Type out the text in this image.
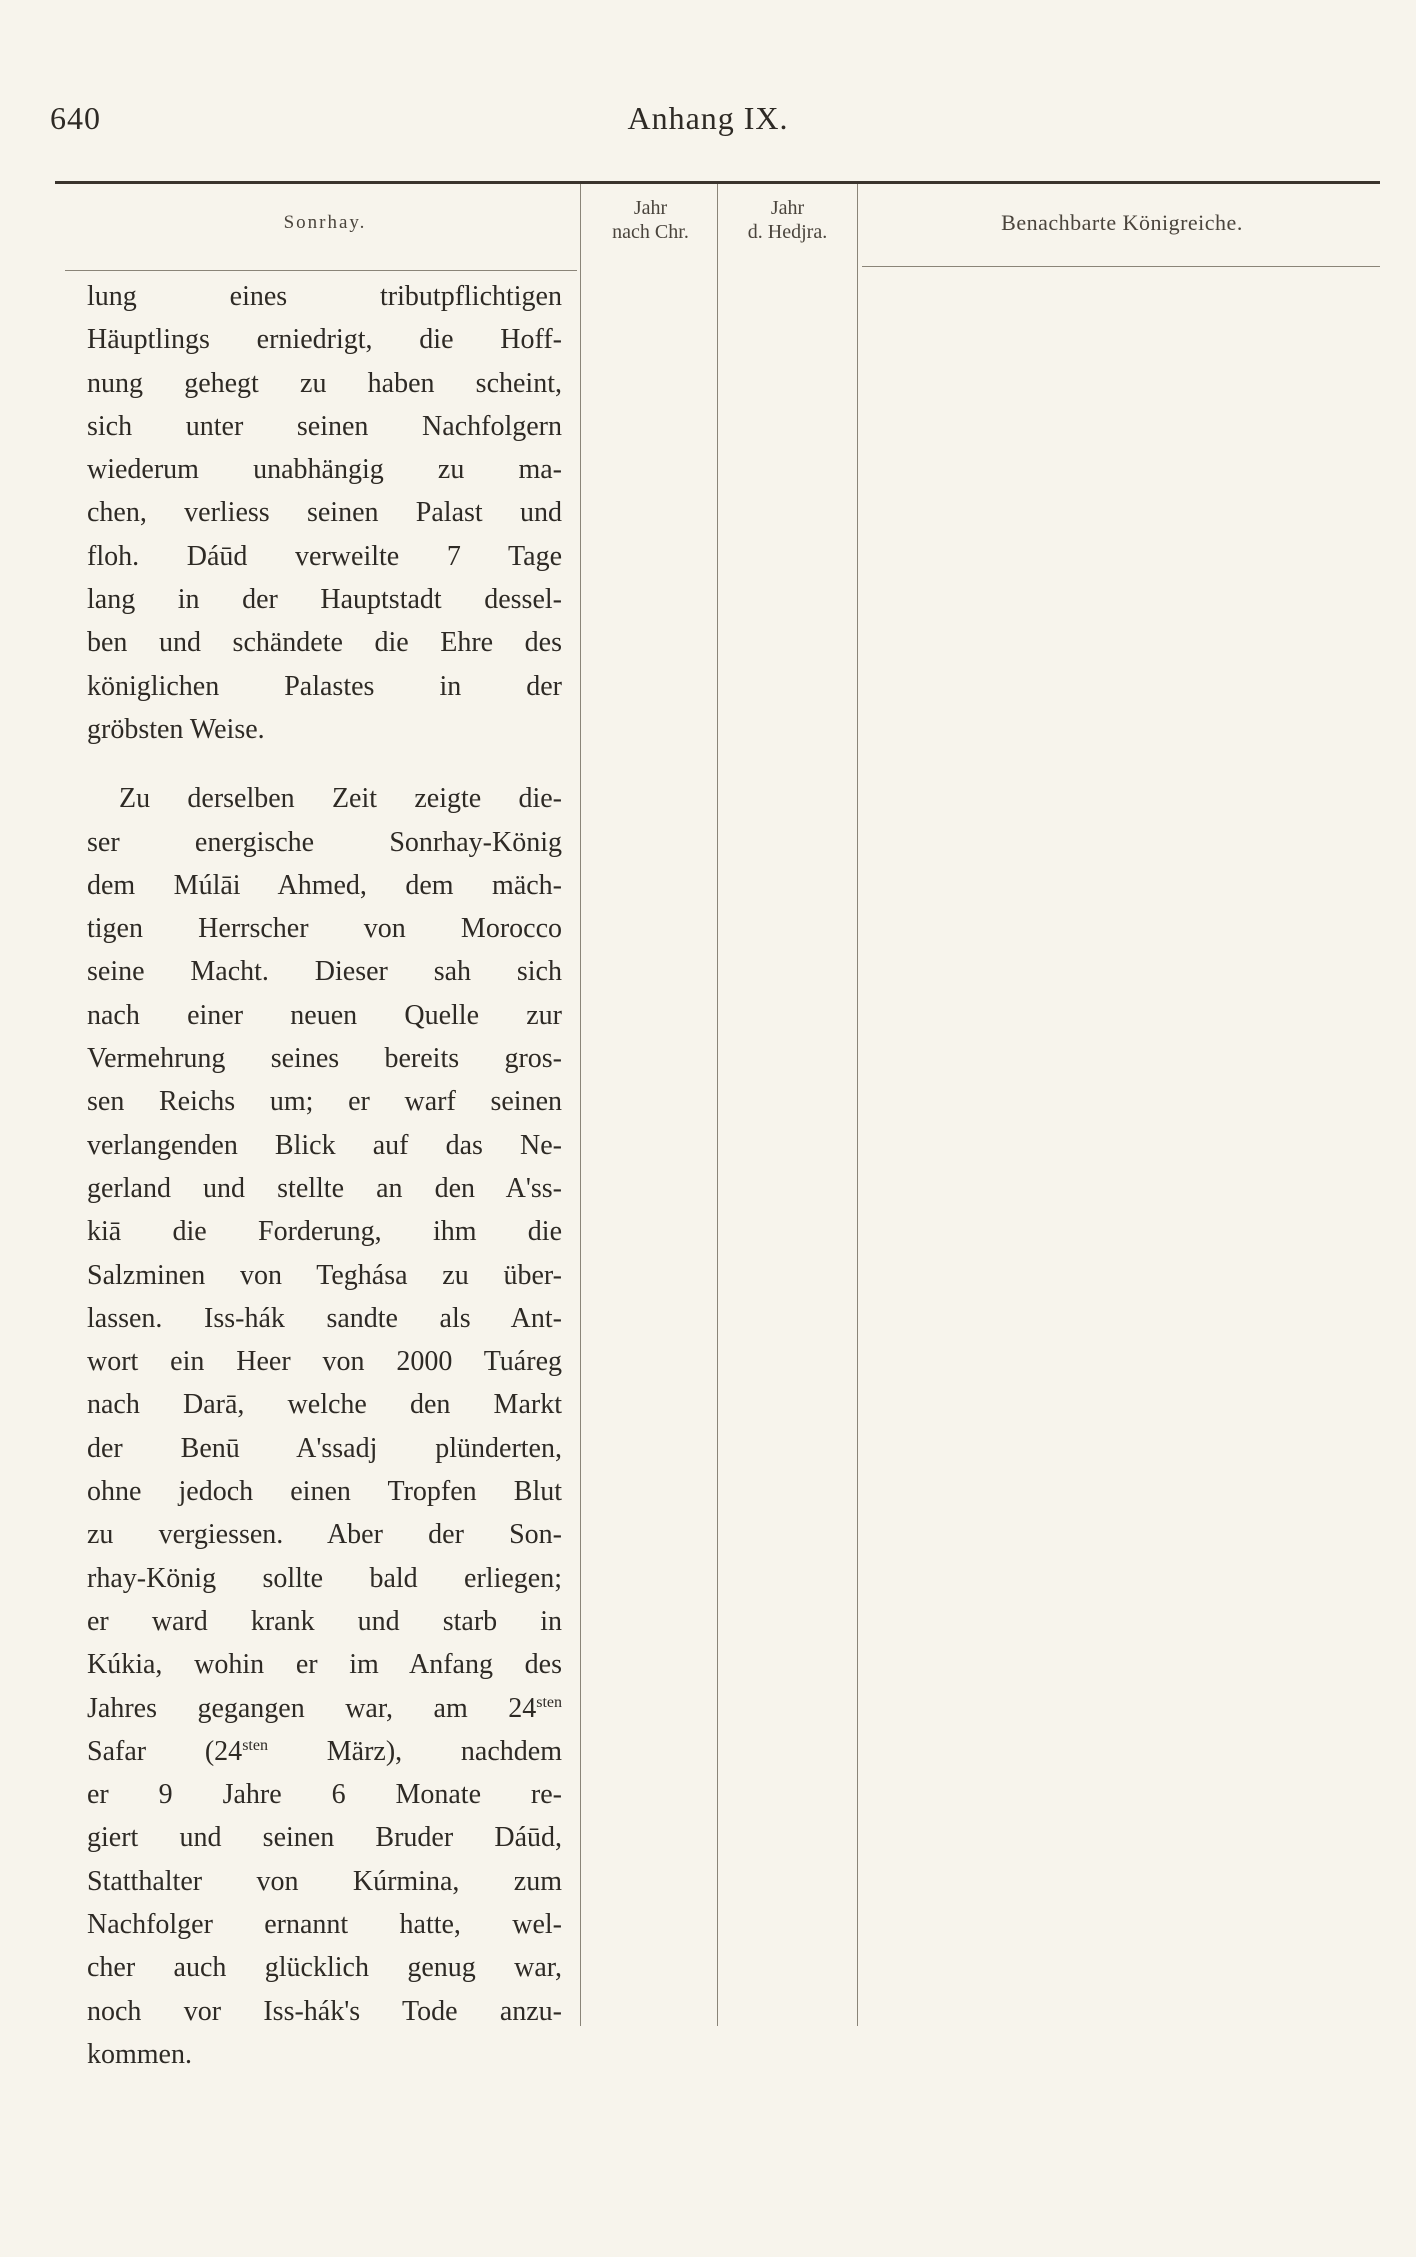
640	Anhang IX.
Sonrhay.
Jahr
nach Chr.
Jahr
d. Hedjra.	Benachbarte Königreiche.

lung eines tributpflichtigen

Häuptlings erniedrigt, die Hoff-

nung gehegt zu haben scheint,

sich unter seinen Nachfolgern

wiederum unabhängig zu ma-

chen, verliess seinen Palast und

floh. Dáūd verweilte 7 Tage

lang in der Hauptstadt dessel-

ben und schändete die Ehre des

königlichen Palastes in der

gröbsten Weise.

Zu derselben Zeit zeigte die-

ser energische Sonrhay-König

dem Múlāi Ahmed, dem mäch-

tigen Herrscher von Morocco

seine Macht. Dieser sah sich

nach einer neuen Quelle zur

Vermehrung seines bereits gros-

sen Reichs um; er warf seinen

verlangenden Blick auf das Ne-

gerland und stellte an den A'ss-

kiā die Forderung, ihm die

Salzminen von Teghása zu über-

lassen. Iss-hák sandte als Ant-

wort ein Heer von 2000 Tuáreg

nach Darā, welche den Markt

der Benū A'ssadj plünderten,

ohne jedoch einen Tropfen Blut

zu vergiessen. Aber der Son-

rhay-König sollte bald erliegen;

er ward krank und starb in

Kúkia, wohin er im Anfang des

Jahres gegangen war, am $24^{sten}$

Safar ($24^{sten}$ März), nachdem

er 9 Jahre 6 Monate re-

giert und seinen Bruder Dáūd,

Statthalter von Kúrmina, zum

Nachfolger ernannt hatte, wel-

cher auch glücklich genug war,

noch vor Iss-hák's Tode anzu-

kommen.
